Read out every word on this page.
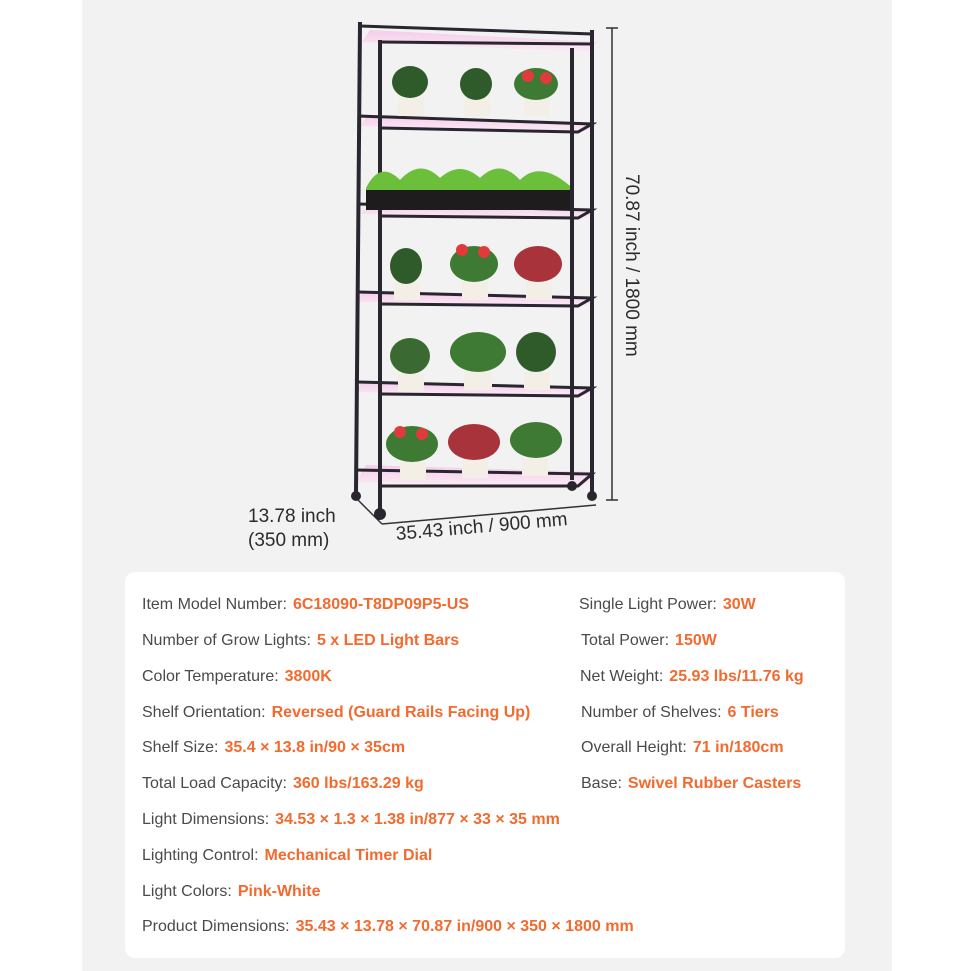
70.87 inch / 1800 mm
13.78 inch
(350 mm)	35.43 inch / 900 mm
Item Model Number: 6C18090-T8DP09P5-US
Number of Grow Lights: 5 x LED Light Bars
Color Temperature: 3800K
Shelf Orientation: Reversed (Guard Rails Facing Up)
Shelf Size: 35.4 × 13.8 in/90 × 35cm
Total Load Capacity: 360 lbs/163.29 kg
Single Light Power: 30W
Total Power: 150W
Net Weight: 25.93 lbs/11.76 kg
Number of Shelves: 6 Tiers
Overall Height: 71 in/180cm
Base: Swivel Rubber Casters
Light Dimensions: 34.53 × 1.3 × 1.38 in/877 × 33 × 35 mm
Lighting Control: Mechanical Timer Dial
Light Colors: Pink-White
Product Dimensions: 35.43 × 13.78 × 70.87 in/900 × 350 × 1800 mm
